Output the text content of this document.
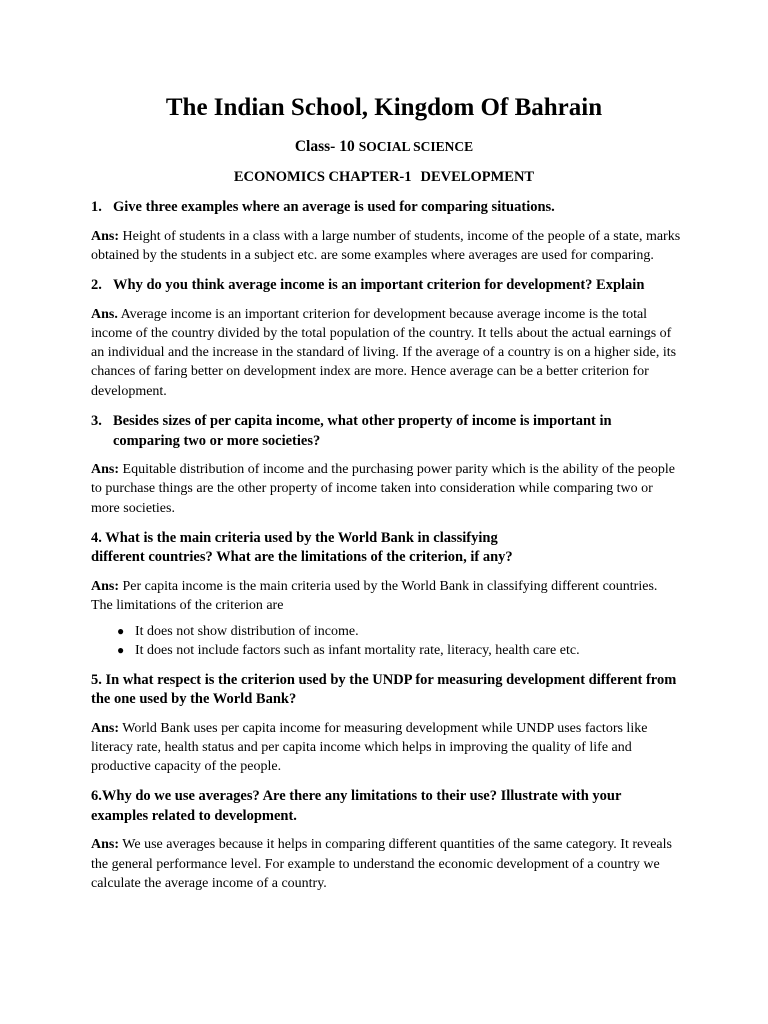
The Indian School, Kingdom Of Bahrain
Class- 10 SOCIAL SCIENCE
ECONOMICS CHAPTER-1 DEVELOPMENT
1. Give three examples where an average is used for comparing situations.

Ans: Height of students in a class with a large number of students, income of the people of a state, marks obtained by the students in a subject etc. are some examples where averages are used for comparing.

2. Why do you think average income is an important criterion for development? Explain

Ans. Average income is an important criterion for development because average income is the total income of the country divided by the total population of the country. It tells about the actual earnings of an individual and the increase in the standard of living. If the average of a country is on a higher side, its chances of faring better on development index are more. Hence average can be a better criterion for development.

3. Besides sizes of per capita income, what other property of income is important in comparing two or more societies?

Ans: Equitable distribution of income and the purchasing power parity which is the ability of the people to purchase things are the other property of income taken into consideration while comparing two or more societies.

4. What is the main criteria used by the World Bank in classifying
different countries? What are the limitations of the criterion, if any?

Ans: Per capita income is the main criteria used by the World Bank in classifying different countries. The limitations of the criterion are

● It does not show distribution of income.
● It does not include factors such as infant mortality rate, literacy, health care etc.
5. In what respect is the criterion used by the UNDP for measuring development different from the one used by the World Bank?

Ans: World Bank uses per capita income for measuring development while UNDP uses factors like literacy rate, health status and per capita income which helps in improving the quality of life and productive capacity of the people.

6.Why do we use averages? Are there any limitations to their use? Illustrate with your examples related to development.

Ans: We use averages because it helps in comparing different quantities of the same category. It reveals the general performance level. For example to understand the economic development of a country we calculate the average income of a country.
